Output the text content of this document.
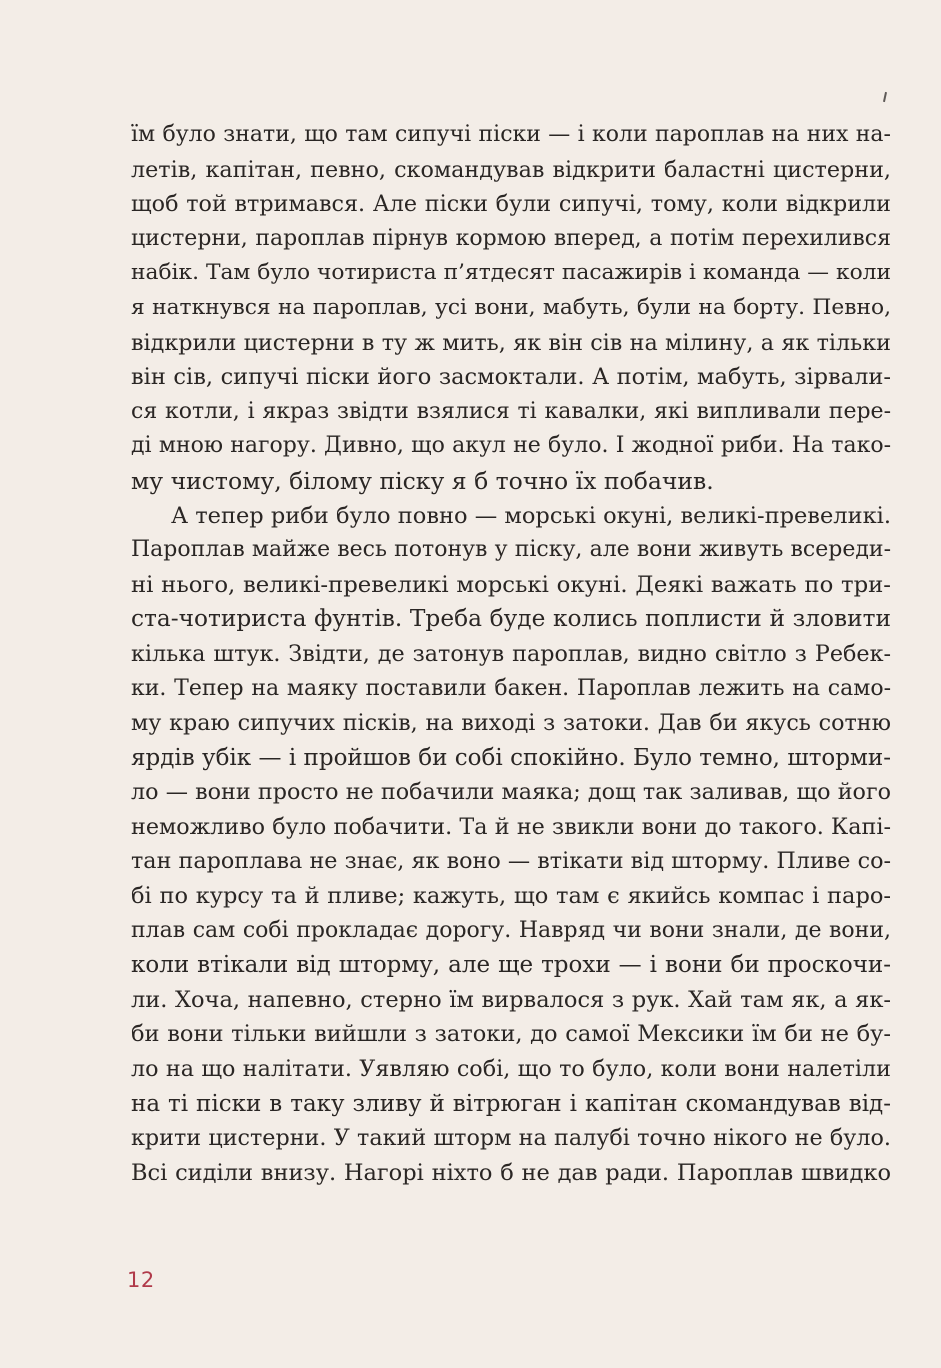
їм було знати, що там сипучі піски — і коли пароплав на них на-
летів, капітан, певно, скомандував відкрити баластні цистерни,
щоб той втримався. Але піски були сипучі, тому, коли відкрили
цистерни, пароплав пірнув кормою вперед, а потім перехилився
набік. Там було чотириста п’ятдесят пасажирів і команда — коли
я наткнувся на пароплав, усі вони, мабуть, були на борту. Певно,
відкрили цистерни в ту ж мить, як він сів на мілину, а як тільки
він сів, сипучі піски його засмоктали. А потім, мабуть, зірвали-
ся котли, і якраз звідти взялися ті кавалки, які випливали пере-
ді мною нагору. Дивно, що акул не було. І жодної риби. На тако-
му чистому, білому піску я б точно їх побачив.
А тепер риби було повно — морські окуні, великі-превеликі.
Пароплав майже весь потонув у піску, але вони живуть всереди-
ні нього, великі-превеликі морські окуні. Деякі важать по три-
ста-чотириста фунтів. Треба буде колись поплисти й зловити
кілька штук. Звідти, де затонув пароплав, видно світло з Ребек-
ки. Тепер на маяку поставили бакен. Пароплав лежить на само-
му краю сипучих пісків, на виході з затоки. Дав би якусь сотню
ярдів убік — і пройшов би собі спокійно. Було темно, шторми-
ло — вони просто не побачили маяка; дощ так заливав, що його
неможливо було побачити. Та й не звикли вони до такого. Капі-
тан пароплава не знає, як воно — втікати від шторму. Пливе со-
бі по курсу та й пливе; кажуть, що там є якийсь компас і паро-
плав сам собі прокладає дорогу. Навряд чи вони знали, де вони,
коли втікали від шторму, але ще трохи — і вони би проскочи-
ли. Хоча, напевно, стерно їм вирвалося з рук. Хай там як, а як-
би вони тільки вийшли з затоки, до самої Мексики їм би не бу-
ло на що налітати. Уявляю собі, що то було, коли вони налетіли
на ті піски в таку зливу й вітрюган і капітан скомандував від-
крити цистерни. У такий шторм на палубі точно нікого не було.
Всі сиділи внизу. Нагорі ніхто б не дав ради. Пароплав швидко
12
